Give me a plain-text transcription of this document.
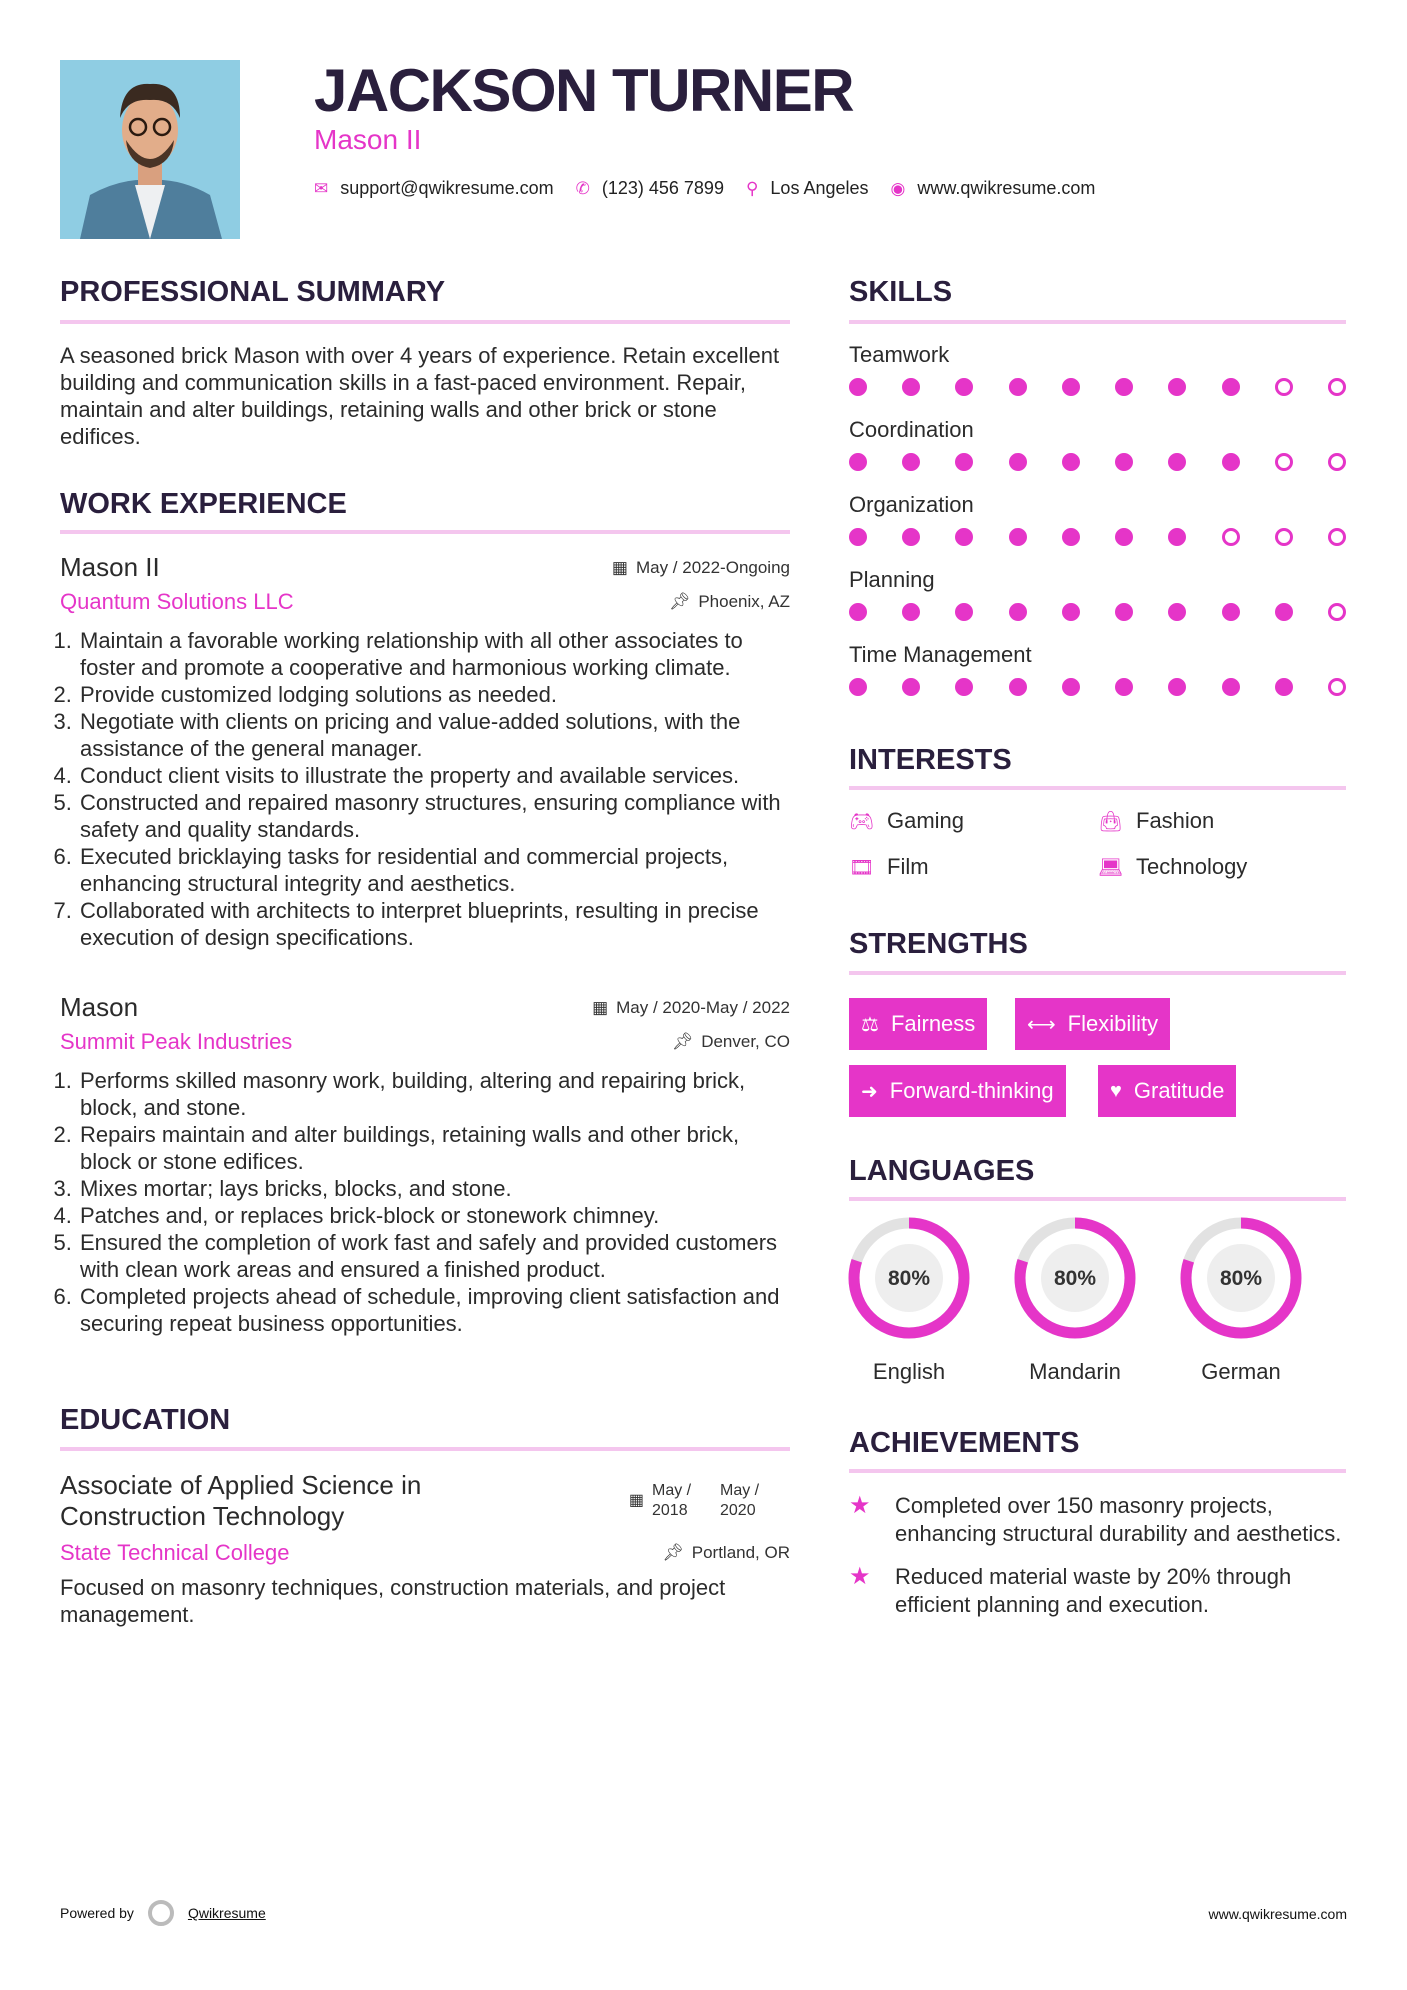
JACKSON TURNER
Mason II
✉ support@qwikresume.com ✆ (123) 456 7899 ⚲ Los Angeles ◉ www.qwikresume.com
PROFESSIONAL SUMMARY
A seasoned brick Mason with over 4 years of experience. Retain excellent building and communication skills in a fast-paced environment. Repair, maintain and alter buildings, retaining walls and other brick or stone edifices.
WORK EXPERIENCE
Mason II	▦ May / 2022-Ongoing
Quantum Solutions LLC	📌︎ Phoenix, AZ
1. Maintain a favorable working relationship with all other associates to foster and promote a cooperative and harmonious working climate.
2. Provide customized lodging solutions as needed.
3. Negotiate with clients on pricing and value-added solutions, with the assistance of the general manager.
4. Conduct client visits to illustrate the property and available services.
5. Constructed and repaired masonry structures, ensuring compliance with safety and quality standards.
6. Executed bricklaying tasks for residential and commercial projects, enhancing structural integrity and aesthetics.
7. Collaborated with architects to interpret blueprints, resulting in precise execution of design specifications.
Mason	▦ May / 2020-May / 2022
Summit Peak Industries	📌︎ Denver, CO
1. Performs skilled masonry work, building, altering and repairing brick, block, and stone.
2. Repairs maintain and alter buildings, retaining walls and other brick, block or stone edifices.
3. Mixes mortar; lays bricks, blocks, and stone.
4. Patches and, or replaces brick-block or stonework chimney.
5. Ensured the completion of work fast and safely and provided customers with clean work areas and ensured a finished product.
6. Completed projects ahead of schedule, improving client satisfaction and securing repeat business opportunities.
EDUCATION
Associate of Applied Science in Construction Technology
▦
May / 2018
May / 2020
State Technical College	📌︎ Portland, OR
Focused on masonry techniques, construction materials, and project management.
SKILLS
Teamwork
Coordination
Organization
Planning
Time Management
INTERESTS
🎮︎ Gaming	👜︎ Fashion
🎞︎ Film	💻︎ Technology
STRENGTHS
⚖ Fairness	⟷ Flexibility
➜ Forward-thinking	♥ Gratitude
LANGUAGES
80%
English
80%
Mandarin
80%
German
ACHIEVEMENTS
★	Completed over 150 masonry projects, enhancing structural durability and aesthetics.
★	Reduced material waste by 20% through efficient planning and execution.
Powered by	Qwikresume	www.qwikresume.com
